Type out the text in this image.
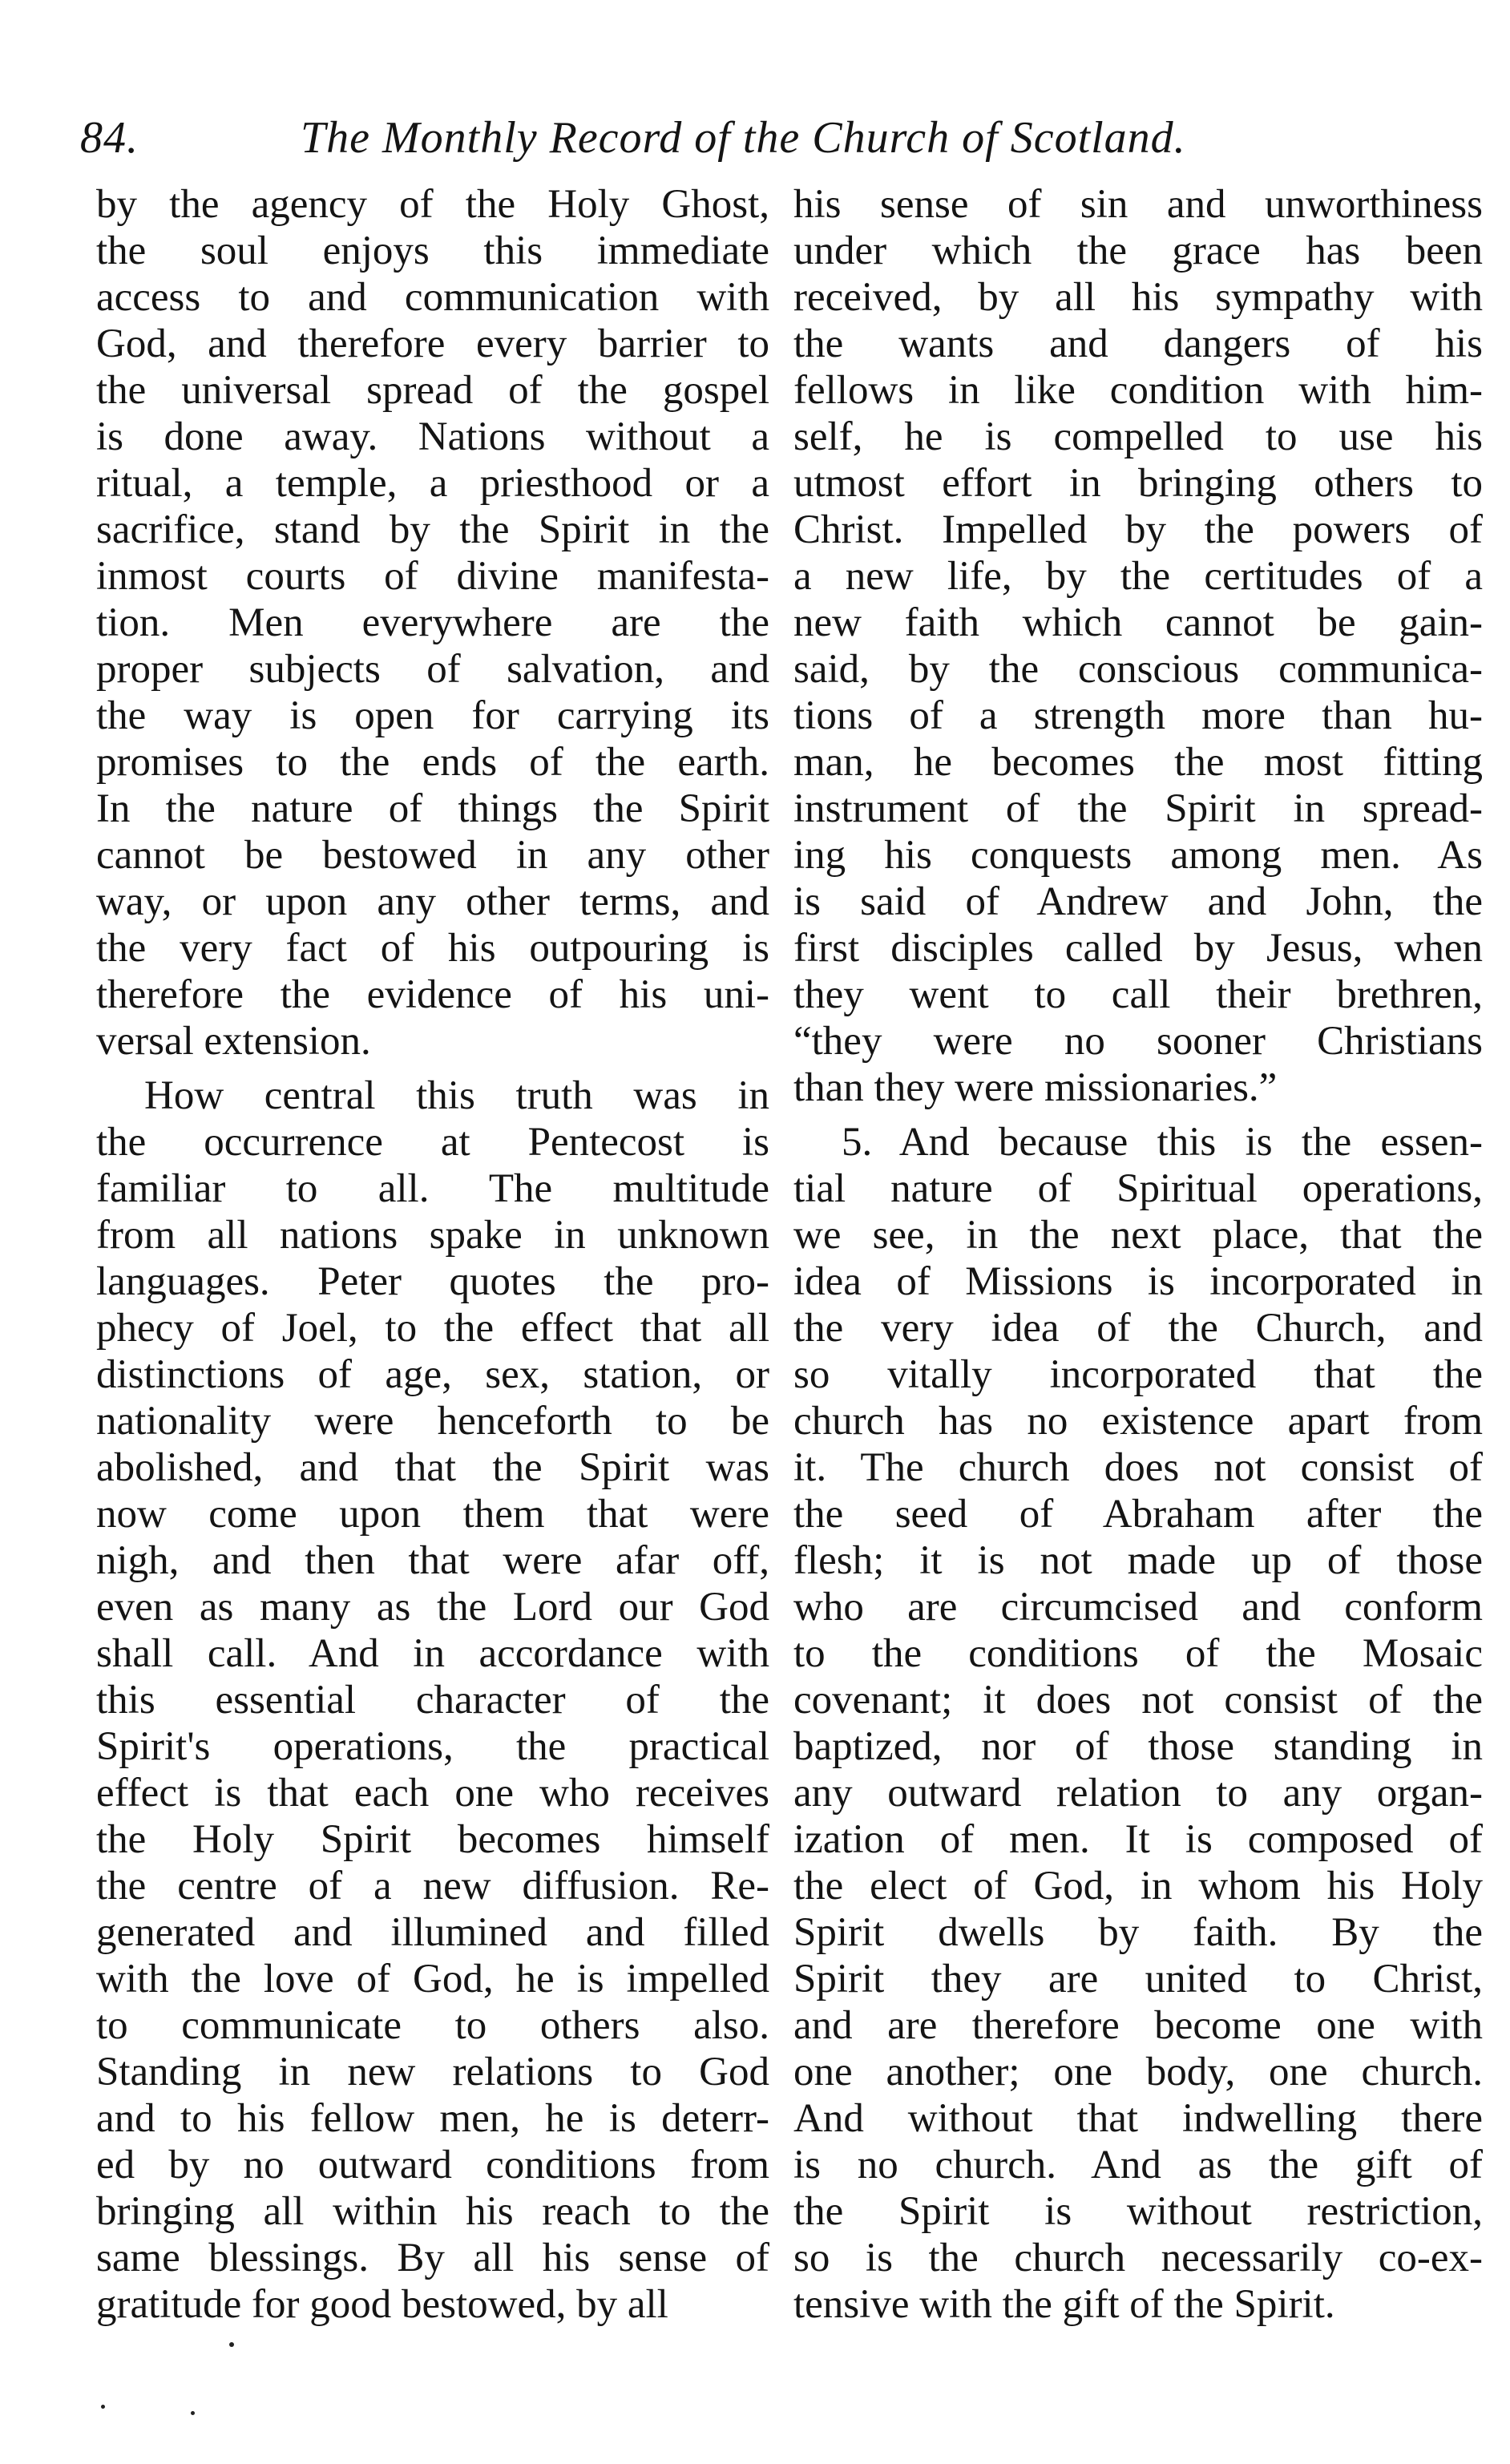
84.	The Monthly Record of the Church of Scotland.
by the agency of the Holy Ghost,
the soul enjoys this immediate
access to and communication with
God, and therefore every barrier to
the universal spread of the gospel
is done away. Nations without a
ritual, a temple, a priesthood or a
sacrifice, stand by the Spirit in the
inmost courts of divine manifesta-
tion. Men everywhere are the
proper subjects of salvation, and
the way is open for carrying its
promises to the ends of the earth.
In the nature of things the Spirit
cannot be bestowed in any other
way, or upon any other terms, and
the very fact of his outpouring is
therefore the evidence of his uni-
versal extension.
How central this truth was in
the occurrence at Pentecost is
familiar to all. The multitude
from all nations spake in unknown
languages. Peter quotes the pro-
phecy of Joel, to the effect that all
distinctions of age, sex, station, or
nationality were henceforth to be
abolished, and that the Spirit was
now come upon them that were
nigh, and then that were afar off,
even as many as the Lord our God
shall call. And in accordance with
this essential character of the
Spirit's operations, the practical
effect is that each one who receives
the Holy Spirit becomes himself
the centre of a new diffusion. Re-
generated and illumined and filled
with the love of God, he is impelled
to communicate to others also.
Standing in new relations to God
and to his fellow men, he is deterr-
ed by no outward conditions from
bringing all within his reach to the
same blessings. By all his sense of
gratitude for good bestowed, by all
his sense of sin and unworthiness
under which the grace has been
received, by all his sympathy with
the wants and dangers of his
fellows in like condition with him-
self, he is compelled to use his
utmost effort in bringing others to
Christ. Impelled by the powers of
a new life, by the certitudes of a
new faith which cannot be gain-
said, by the conscious communica-
tions of a strength more than hu-
man, he becomes the most fitting
instrument of the Spirit in spread-
ing his conquests among men. As
is said of Andrew and John, the
first disciples called by Jesus, when
they went to call their brethren,
“they were no sooner Christians
than they were missionaries.”
5. And because this is the essen-
tial nature of Spiritual operations,
we see, in the next place, that the
idea of Missions is incorporated in
the very idea of the Church, and
so vitally incorporated that the
church has no existence apart from
it. The church does not consist of
the seed of Abraham after the
flesh; it is not made up of those
who are circumcised and conform
to the conditions of the Mosaic
covenant; it does not consist of the
baptized, nor of those standing in
any outward relation to any organ-
ization of men. It is composed of
the elect of God, in whom his Holy
Spirit dwells by faith. By the
Spirit they are united to Christ,
and are therefore become one with
one another; one body, one church.
And without that indwelling there
is no church. And as the gift of
the Spirit is without restriction,
so is the church necessarily co-ex-
tensive with the gift of the Spirit.
